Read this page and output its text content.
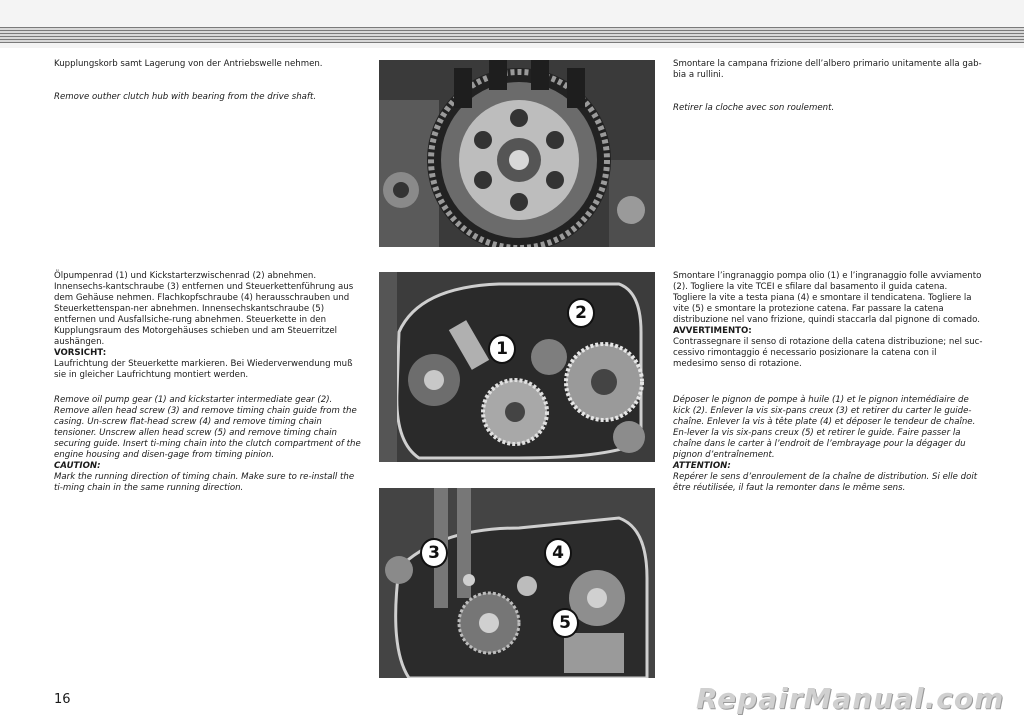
Kupplungskorb samt Lagerung von der Antriebswelle nehmen.

Remove outher clutch hub with bearing from the drive shaft.

Smontare la campana frizione dell’albero primario unitamente alla gab-bia a rullini.

Retirer la cloche avec son roulement.

Ölpumpenrad (1) und Kickstarterzwischenrad (2) abnehmen. Innensechs-kantschraube (3) entfernen und Steuerkettenführung aus dem Gehäuse nehmen. Flachkopfschraube (4) herausschrauben und Steuerkettenspan-ner abnehmen. Innensechskantschraube (5) entfernen und Ausfallsiche-rung abnehmen. Steuerkette in den Kupplungsraum des Motorgehäuses schieben und am Steuerritzel aushängen.

VORSICHT:

Laufrichtung der Steuerkette markieren. Bei Wiederverwendung muß sie in gleicher Laufrichtung montiert werden.

Remove oil pump gear (1) and kickstarter intermediate gear (2). Remove allen head screw (3) and remove timing chain guide from the casing. Un-screw flat-head screw (4) and remove timing chain tensioner. Unscrew allen head screw (5) and remove timing chain securing guide. Insert ti-ming chain into the clutch compartment of the engine housing and disen-gage from timing pinion.

CAUTION:

Mark the running direction of timing chain. Make sure to re-install the ti-ming chain in the same running direction.

Smontare l’ingranaggio pompa olio (1) e l’ingranaggio folle avviamento (2). Togliere la vite TCEI e sfilare dal basamento il guida catena. Togliere la vite a testa piana (4) e smontare il tendicatena. Togliere la vite (5) e smontare la protezione catena. Far passare la catena distribuzione nel vano frizione, quindi staccarla dal pignone di comado.

AVVERTIMENTO:

Contrassegnare il senso di rotazione della catena distribuzione; nel suc-cessivo rimontaggio é necessario posizionare la catena con il medesimo senso di rotazione.

Déposer le pignon de pompe à huile (1) et le pignon intemédiaire de kick (2). Enlever la vis six-pans creux (3) et retirer du carter le guide-chaîne. Enlever la vis à tête plate (4) et déposer le tendeur de chaîne. En-lever la vis six-pans creux (5) et retirer le guide. Faire passer la chaîne dans le carter à l’endroit de l’embrayage pour la dégager du pignon d’entraînement.

ATTENTION:

Repérer le sens d’enroulement de la chaîne de distribution. Si elle doit être réutilisée, il faut la remonter dans le même sens.

1
2
3	4
5
16	RepairManual.com
